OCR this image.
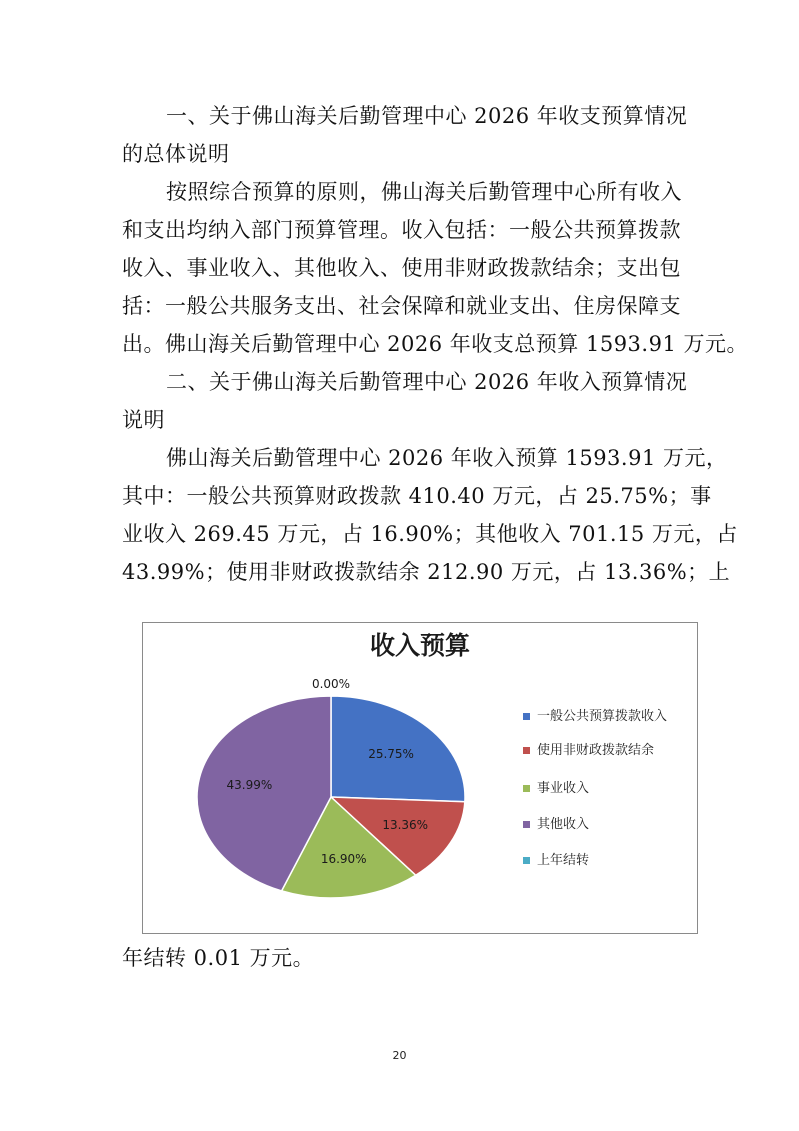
一、关于佛山海关后勤管理中心 2026 年收支预算情况
的总体说明
按照综合预算的原则，佛山海关后勤管理中心所有收入
和支出均纳入部门预算管理。收入包括：一般公共预算拨款
收入、事业收入、其他收入、使用非财政拨款结余；支出包
括：一般公共服务支出、社会保障和就业支出、住房保障支
出。佛山海关后勤管理中心 2026 年收支总预算 1593.91 万元。
二、关于佛山海关后勤管理中心 2026 年收入预算情况
说明
佛山海关后勤管理中心 2026 年收入预算 1593.91 万元，
其中：一般公共预算财政拨款 410.40 万元，占 25.75%；事
业收入 269.45 万元，占 16.90%；其他收入 701.15 万元，占
43.99%；使用非财政拨款结余 212.90 万元，占 13.36%；上
收入预算
25.75%
13.36%
16.90%
43.99%
0.00%
一般公共预算拨款收入
使用非财政拨款结余
事业收入
其他收入
上年结转
年结转 0.01 万元。
20
